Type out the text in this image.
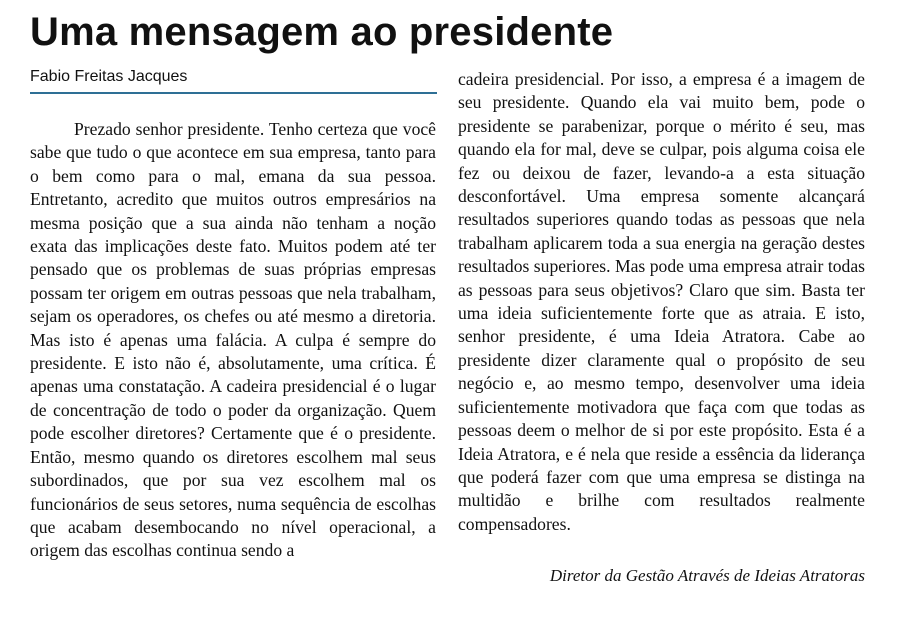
Uma mensagem ao presidente
Fabio Freitas Jacques
Prezado senhor presidente. Tenho certeza que você sabe que tudo o que acontece em sua empresa, tanto para o bem como para o mal, emana da sua pessoa. Entretanto, acredito que muitos outros empresários na mesma posição que a sua ainda não tenham a noção exata das implicações deste fato. Muitos podem até ter pensado que os problemas de suas próprias empresas possam ter origem em outras pessoas que nela trabalham, sejam os operadores, os chefes ou até mesmo a diretoria. Mas isto é apenas uma falácia. A culpa é sempre do presidente. E isto não é, absolutamente, uma crítica. É apenas uma constatação. A cadeira presidencial é o lugar de concentração de todo o poder da organização. Quem pode escolher diretores? Certamente que é o presidente. Então, mesmo quando os diretores escolhem mal seus subordinados, que por sua vez escolhem mal os funcionários de seus setores, numa sequência de escolhas que acabam desembocando no nível operacional, a origem das escolhas continua sendo a
cadeira presidencial. Por isso, a empresa é a imagem de seu presidente. Quando ela vai muito bem, pode o presidente se parabenizar, porque o mérito é seu, mas quando ela for mal, deve se culpar, pois alguma coisa ele fez ou deixou de fazer, levando-a a esta situação desconfortável. Uma empresa somente alcançará resultados superiores quando todas as pessoas que nela trabalham aplicarem toda a sua energia na geração destes resultados superiores. Mas pode uma empresa atrair todas as pessoas para seus objetivos? Claro que sim. Basta ter uma ideia suficientemente forte que as atraia. E isto, senhor presidente, é uma Ideia Atratora. Cabe ao presidente dizer claramente qual o propósito de seu negócio e, ao mesmo tempo, desenvolver uma ideia suficientemente motivadora que faça com que todas as pessoas deem o melhor de si por este propósito. Esta é a Ideia Atratora, e é nela que reside a essência da liderança que poderá fazer com que uma empresa se distinga na multidão e brilhe com resultados realmente compensadores.
Diretor da Gestão Através de Ideias Atratoras
